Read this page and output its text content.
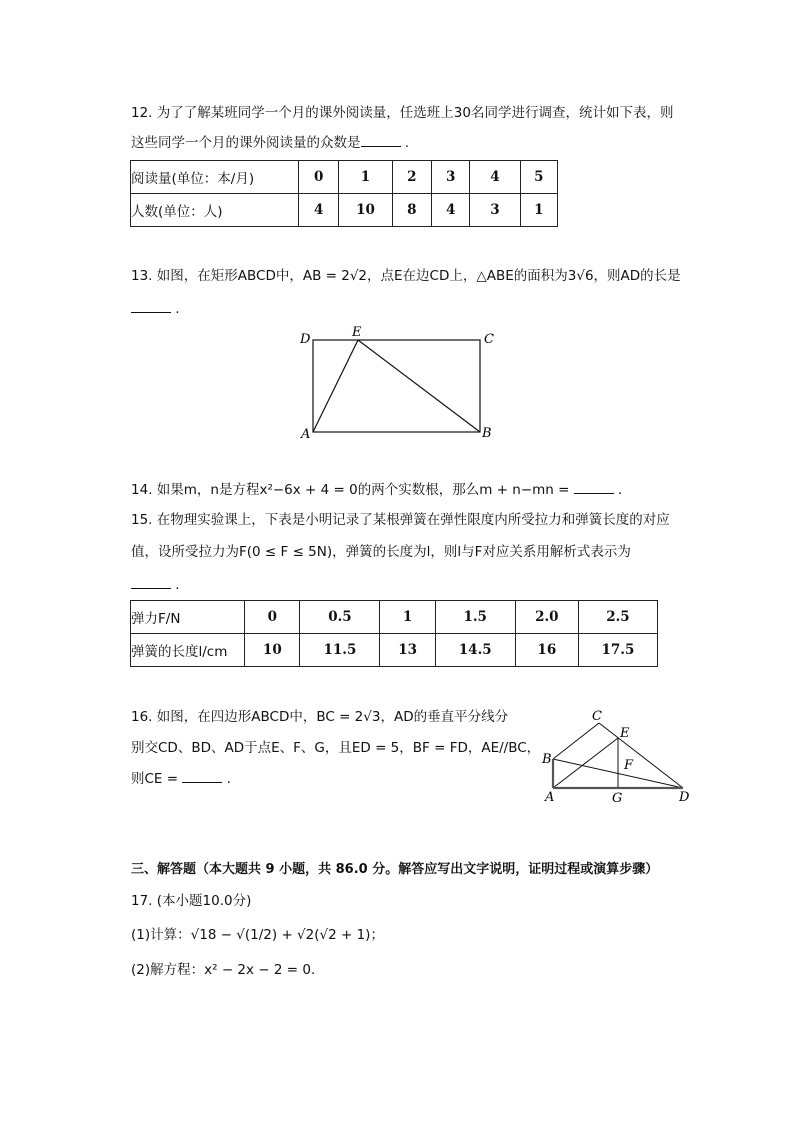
12. 为了了解某班同学一个月的课外阅读量，任选班上30名同学进行调查，统计如下表，则
这些同学一个月的课外阅读量的众数是	.
阅读量(单位：本/月)	0	1	2	3	4	5
人数(单位：人)	4	10	8	4	3	1
13. 如图，在矩形ABCD中，AB = 2√2，点E在边CD上，△ABE的面积为3√6，则AD的长是
.
D	E	C
A	B
C
E
B	F
A	G	D
14. 如果m，n是方程x²−6x + 4 = 0的两个实数根，那么m + n−mn =	.
15. 在物理实验课上，下表是小明记录了某根弹簧在弹性限度内所受拉力和弹簧长度的对应
值，设所受拉力为F(0 ≤ F ≤ 5N)，弹簧的长度为l，则l与F对应关系用解析式表示为
.
弹力F/N	0	0.5	1	1.5	2.0	2.5
弹簧的长度l/cm	10	11.5	13	14.5	16	17.5
16. 如图，在四边形ABCD中，BC = 2√3，AD的垂直平分线分
别交CD、BD、AD于点E、F、G，且ED = 5，BF = FD，AE//BC，
则CE =	.
三、解答题（本大题共 9 小题，共 86.0 分。解答应写出文字说明，证明过程或演算步骤）
17. (本小题10.0分)
(1)计算：√18 − √(1/2) + √2(√2 + 1)；
(2)解方程：x² − 2x − 2 = 0.
